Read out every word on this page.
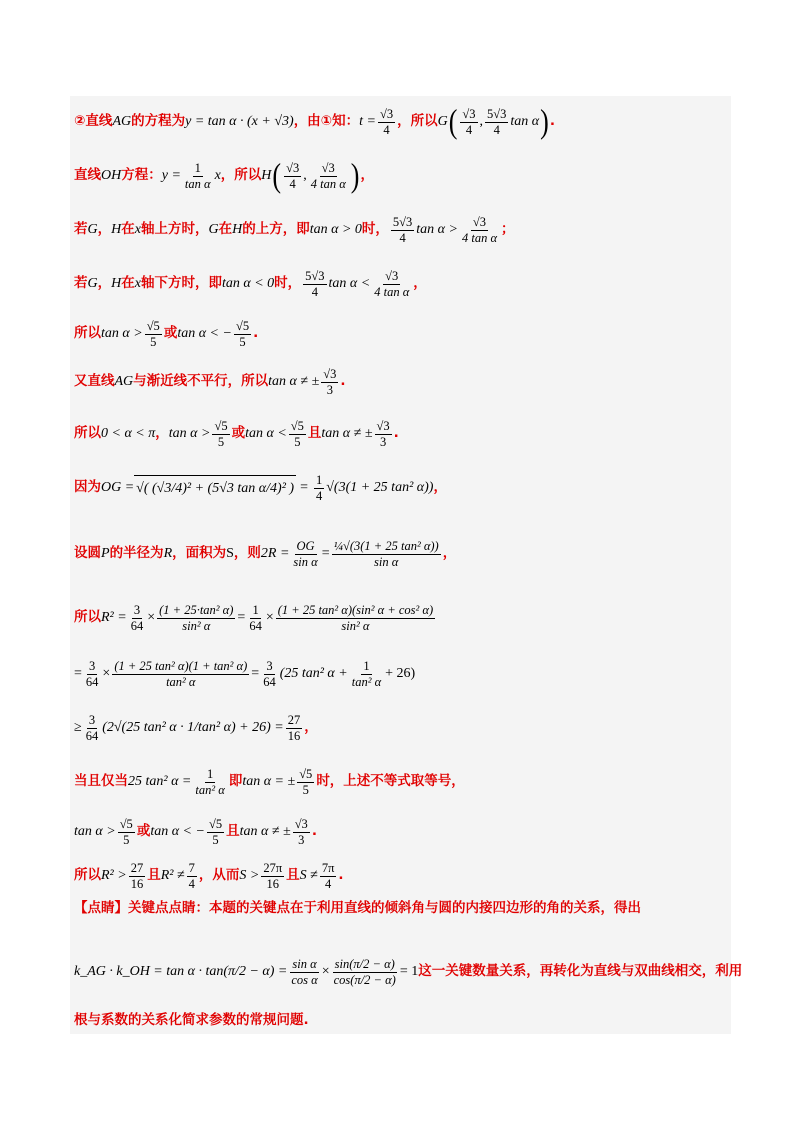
②直线 AG 的方程为 y = tan α · (x + √3) ，由①知： $t = \frac{√3}{4}$ ，所以 G ( √3
4
, 5√3
4
tan α ) .
直线 OH 方程： $y = \frac{1}{\text{tan α}}$ x ，所以 H ( √3
4
, √3
4 tan α ) ，
若 G ， H 在 x 轴上方时， G 在 H 的上方，即 tan α > 0 时， 5√3
4
tan α > √3
4 tan α
；
若 G ， H 在 x 轴下方时，即 tan α < 0 时， 5√3
4
tan α < √3
4 tan α
，
所以 tan α > √5
5
或 tan α < − $\frac{√5}{5}$ .
又直线 AG 与渐近线不平行，所以 tan α ≠ ± $\frac{√3}{3}$ .
所以 0 < α < π ， tan α > √5
5
或 tan α < √5
5
且 tan α ≠ ± $\frac{√3}{3}$ .
因为 OG = √( (√3/4)² + (5√3 tan α/4)² ) = $\frac{1}{4} √(3(1 + 25$ tan² α)) ，
设圆 P 的半径为 R ，面积为 S ，则 $2R = \frac{OG}{\text{sin α}} = \frac{\text{¼√(3(1 + 25 tan² α))}}{\text{sin α}}$ ，
所以 $R^2 = \frac{3}{64} \times \frac{\text{(1 + 25·tan² α)}}{\text{sin² α}} = \frac{1}{64} \times \frac{\text{(1 + 25 tan² α)(sin² α + cos² α)}}{\text{sin² α}}$
= $\frac{3}{64} \times \frac{\text{(1 + 25 tan² α)(1 + tan² α)}}{\text{tan² α}} = \frac{3}{64} (25$ tan² $\alpha + \frac{1}{\text{tan² α}} + 26$)
≥ $\frac{3}{64} (2√(25$ tan² α · 1/tan² $\alpha) + 26) = \frac{27}{16}$ ，
当且仅当 25 tan² $\alpha = \frac{1}{\text{tan² α}}$ 即 tan α = ± $\frac{√5}{5}$ 时，上述不等式取等号，
tan α > √5
5
或 tan α < − $\frac{√5}{5}$ 且 tan α ≠ ± $\frac{√3}{3}$ .
所以 R² > 27
16
且 R² ≠ 7
4
，从而 S > 27π
16
且 S ≠ 7π
4
.
【点睛】关键点点睛：本题的关键点在于利用直线的倾斜角与圆的内接四边形的角的关系，得出
k_AG · k_OH = $\tan \alpha \cdot \tan(\pi/2 - \alpha) = \frac{\text{sin α}}{\text{cos α}} \times \frac{\sin(\pi/2 - \alpha)}{\cos(\pi/2 - \alpha)} = 1$ 这一关键数量关系，再转化为直线与双曲线相交，利用
根与系数的关系化简求参数的常规问题.
